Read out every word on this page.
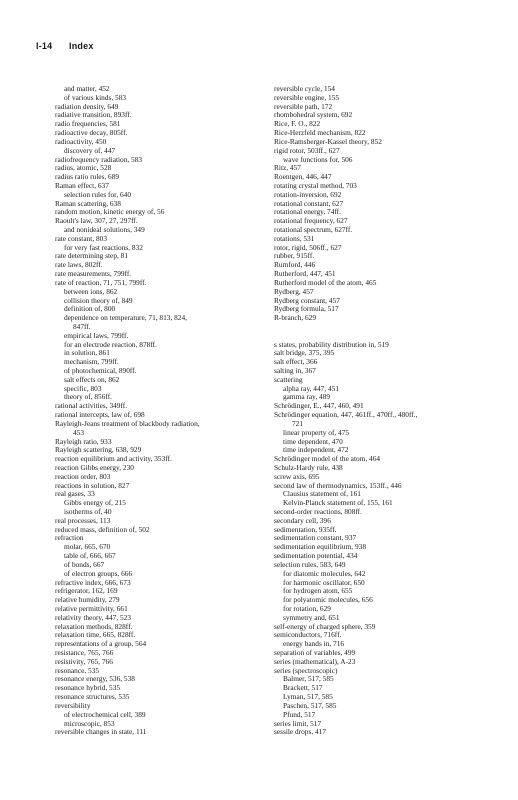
I-14 Index
and matter, 452
of various kinds, 583
radiation density, 649
radiative transition, 893ff.
radio frequencies, 581
radioactive decay, 805ff.
radioactivity, 450
discovery of, 447
radiofrequency radiation, 583
radius, atomic, 528
radius ratio rules, 689
Raman effect, 637
selection rules for, 640
Raman scattering, 638
random motion, kinetic energy of, 56
Raoult's law, 307, 27, 297ff.
and nonideal solutions, 349
rate constant, 803
for very fast reactions, 832
rate determining step, 81
rate laws, 802ff.
rate measurements, 799ff.
rate of reaction, 71, 751, 799ff.
between ions, 862
collision theory of, 849
definition of, 800
dependence on temperature, 71, 813, 824,
847ff.
empirical laws, 799ff.
for an electrode reaction, 878ff.
in solution, 861
mechanism, 799ff.
of photochemical, 890ff.
salt effects on, 862
specific, 803
theory of, 856ff.
rational activities, 349ff.
rational intercepts, law of, 698
Rayleigh-Jeans treatment of blackbody radiation,
453
Rayleigh ratio, 933
Rayleigh scattering, 638, 929
reaction equilibrium and activity, 353ff.
reaction Gibbs energy, 230
reaction order, 803
reactions in solution, 827
real gases, 33
Gibbs energy of, 215
isotherms of, 40
real processes, 113
reduced mass, definition of, 502
refraction
molar, 665, 670
table of, 666, 667
of bonds, 667
of electron groups, 666
refractive index, 666, 673
refrigerator, 162, 169
relative humidity, 279
relative permittivity, 661
relativity theory, 447, 523
relaxation methods, 828ff.
relaxation time, 665, 828ff.
representations of a group, 564
resistance, 765, 766
resistivity, 765, 766
resonance, 535
resonance energy, 536, 538
resonance hybrid, 535
resonance structures, 535
reversibility
of electrochemical cell, 389
microscopic, 853
reversible changes in state, 111
reversible cycle, 154
reversible engine, 155
reversible path, 172
rhombohedral system, 692
Rice, F. O., 822
Rice-Herzfeld mechanism, 822
Rice-Ramsberger-Kassel theory, 852
rigid rotor, 503ff., 627
wave functions for, 506
Ritz, 457
Roentgen, 446, 447
rotating crystal method, 703
rotation-inversion, 692
rotational constant, 627
rotational energy, 74ff.
rotational frequency, 627
rotational spectrum, 627ff.
rotations, 531
rotor, rigid, 506ff., 627
rubber, 915ff.
Rumford, 446
Rutherford, 447, 451
Rutherford model of the atom, 465
Rydberg, 457
Rydberg constant, 457
Rydberg formula, 517
R-branch, 629
s states, probability distribution in, 519
salt bridge, 375, 395
salt effect, 366
salting in, 367
scattering
alpha ray, 447, 451
gamma ray, 489
Schrödinger, E., 447, 460, 491
Schrödinger equation, 447, 461ff., 470ff., 480ff.,
721
linear property of, 475
time dependent, 470
time independent, 472
Schrödinger model of the atom, 464
Schulz-Hardy rule, 438
screw axis, 695
second law of thermodynamics, 153ff., 446
Clausius statement of, 161
Kelvin-Planck statement of, 155, 161
second-order reactions, 808ff.
secondary cell, 396
sedimentation, 935ff.
sedimentation constant, 937
sedimentation equilibrium, 938
sedimentation potential, 434
selection rules, 583, 649
for diatomic molecules, 642
for harmonic oscillator, 650
for hydrogen atom, 655
for polyatomic molecules, 656
for rotation, 629
symmetry and, 651
self-energy of charged sphere, 359
semiconductors, 716ff.
energy bands in, 716
separation of variables, 499
series (mathematical), A-23
series (spectroscopic)
Balmer, 517, 585
Brackett, 517
Lyman, 517, 585
Paschen, 517, 585
Pfund, 517
series limit, 517
sessile drops, 417
